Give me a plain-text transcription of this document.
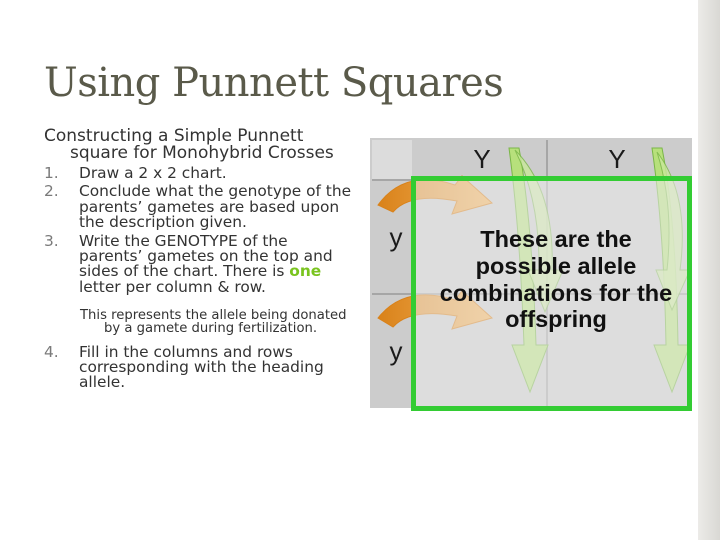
Using Punnett Squares

Constructing a Simple Punnett square for Monohybrid Crosses

1.	Draw a 2 x 2 chart.
2.	Conclude what the genotype of the parents’ gametes are based upon the description given.
3.	Write the GENOTYPE of the parents’ gametes on the top and sides of the chart. There is one letter per column & row.

This represents the allele being donated by a gamete during fertilization.

4.	Fill in the columns and rows corresponding with the heading allele.
Y	Y
y
y
These are the possible allele combinations for the offspring
